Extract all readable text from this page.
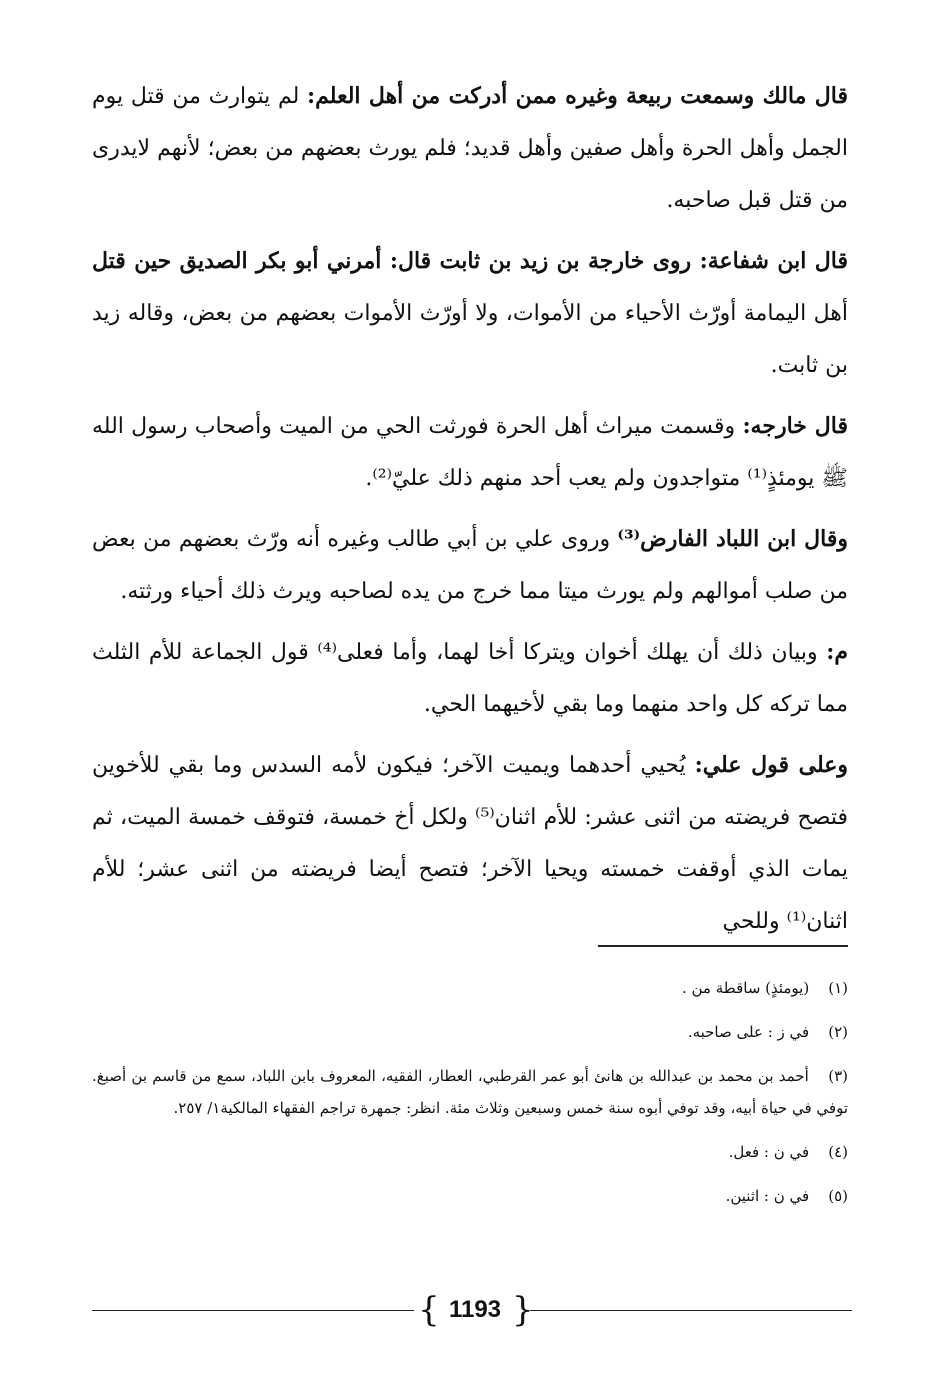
قال مالك وسمعت ربيعة وغيره ممن أدركت من أهل العلم: لم يتوارث من قتل يوم الجمل وأهل الحرة وأهل صفين وأهل قديد؛ فلم يورث بعضهم من بعض؛ لأنهم لايدرى من قتل قبل صاحبه.

قال ابن شفاعة: روى خارجة بن زيد بن ثابت قال: أمرني أبو بكر الصديق حين قتل أهل اليمامة أورّث الأحياء من الأموات، ولا أورّث الأموات بعضهم من بعض، وقاله زيد بن ثابت.

قال خارجه: وقسمت ميراث أهل الحرة فورثت الحي من الميت وأصحاب رسول الله ﷺ يومئذٍ⁽¹⁾ متواجدون ولم يعب أحد منهم ذلك عليّ⁽²⁾.

وقال ابن اللباد الفارض⁽³⁾ وروى علي بن أبي طالب وغيره أنه ورّث بعضهم من بعض من صلب أموالهم ولم يورث ميتا مما خرج من يده لصاحبه ويرث ذلك أحياء ورثته.

م: وبيان ذلك أن يهلك أخوان ويتركا أخا لهما، وأما فعلى⁽⁴⁾ قول الجماعة للأم الثلث مما تركه كل واحد منهما وما بقي لأخيهما الحي.

وعلى قول علي: يُحيي أحدهما ويميت الآخر؛ فيكون لأمه السدس وما بقي للأخوين فتصح فريضته من اثنى عشر: للأم اثنان⁽⁵⁾ ولكل أخ خمسة، فتوقف خمسة الميت، ثم يمات الذي أوقفت خمسته ويحيا الآخر؛ فتصح أيضا فريضته من اثنى عشر؛ للأم اثنان⁽¹⁾ وللحي

(١) (يومئذٍ) ساقطة من .
(٢) في ز : على صاحبه.
(٣) أحمد بن محمد بن عبدالله بن هانئ أبو عمر القرطبي، العطار، الفقيه، المعروف بابن اللباد، سمع من قاسم بن أصبغ. توفي في حياة أبيه، وقد توفي أبوه سنة خمس وسبعين وثلاث مئة. انظر: جمهرة تراجم الفقهاء المالكية١/ ٢٥٧.
(٤) في ن : فعل.
(٥) في ن : اثنين.
{ 1193 }
